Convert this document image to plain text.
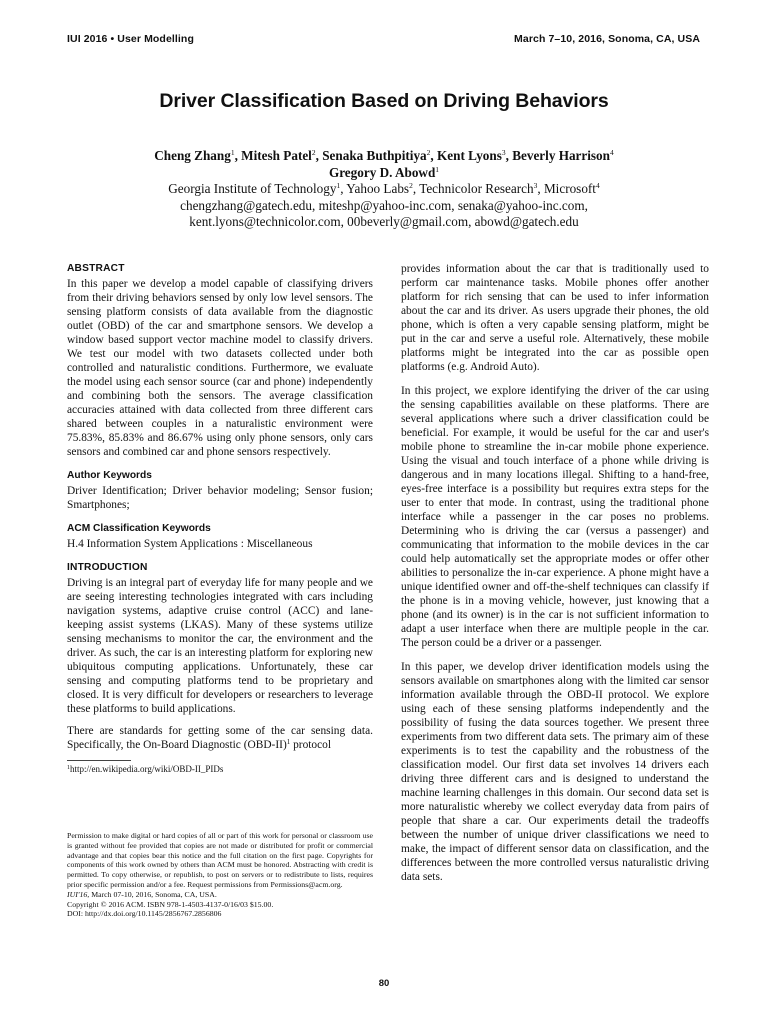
IUI 2016 • User Modelling	March 7–10, 2016, Sonoma, CA, USA
Driver Classification Based on Driving Behaviors
Cheng Zhang$^1$, Mitesh Patel$^2$, Senaka Buthpitiya$^2$, Kent Lyons$^3$, Beverly Harrison$^4$
Gregory D. Abowd$^1$
Georgia Institute of Technology$^1$, Yahoo Labs$^2$, Technicolor Research$^3$, Microsoft$^4$
chengzhang@gatech.edu, miteshp@yahoo-inc.com, senaka@yahoo-inc.com,
kent.lyons@technicolor.com, 00beverly@gmail.com, abowd@gatech.edu
ABSTRACT

In this paper we develop a model capable of classifying drivers from their driving behaviors sensed by only low level sensors. The sensing platform consists of data available from the diagnostic outlet (OBD) of the car and smartphone sensors. We develop a window based support vector machine model to classify drivers. We test our model with two datasets collected under both controlled and naturalistic conditions. Furthermore, we evaluate the model using each sensor source (car and phone) independently and combining both the sensors. The average classification accuracies attained with data collected from three different cars shared between couples in a naturalistic environment were 75.83%, 85.83% and 86.67% using only phone sensors, only cars sensors and combined car and phone sensors respectively.

Author Keywords

Driver Identification; Driver behavior modeling; Sensor fusion; Smartphones;

ACM Classification Keywords

H.4 Information System Applications : Miscellaneous

INTRODUCTION

Driving is an integral part of everyday life for many people and we are seeing interesting technologies integrated with cars including navigation systems, adaptive cruise control (ACC) and lane-keeping assist systems (LKAS). Many of these systems utilize sensing mechanisms to monitor the car, the environment and the driver. As such, the car is an interesting platform for exploring new ubiquitous computing applications. Unfortunately, these car sensing and computing platforms tend to be proprietary and closed. It is very difficult for developers or researchers to leverage these platforms to build applications.

There are standards for getting some of the car sensing data. Specifically, the On-Board Diagnostic $(OBD-II)^1$ protocol

$^1$http://en.wikipedia.org/wiki/OBD-II_PIDs

Permission to make digital or hard copies of all or part of this work for personal or classroom use is granted without fee provided that copies are not made or distributed for profit or commercial advantage and that copies bear this notice and the full citation on the first page. Copyrights for components of this work owned by others than ACM must be honored. Abstracting with credit is permitted. To copy otherwise, or republish, to post on servers or to redistribute to lists, requires prior specific permission and/or a fee. Request permissions from Permissions@acm.org.

IUI'16, March 07-10, 2016, Sonoma, CA, USA.

Copyright © 2016 ACM. ISBN 978-1-4503-4137-0/16/03 $15.00.

DOI: http://dx.doi.org/10.1145/2856767.2856806

provides information about the car that is traditionally used to perform car maintenance tasks. Mobile phones offer another platform for rich sensing that can be used to infer information about the car and its driver. As users upgrade their phones, the old phone, which is often a very capable sensing platform, might be put in the car and serve a useful role. Alternatively, these mobile platforms might be integrated into the car as possible open platforms (e.g. Android Auto).

In this project, we explore identifying the driver of the car using the sensing capabilities available on these platforms. There are several applications where such a driver classification could be beneficial. For example, it would be useful for the car and user's mobile phone to streamline the in-car mobile phone experience. Using the visual and touch interface of a phone while driving is dangerous and in many locations illegal. Shifting to a hand-free, eyes-free interface is a possibility but requires extra steps for the user to enter that mode. In contrast, using the traditional phone interface while a passenger in the car poses no problems. Determining who is driving the car (versus a passenger) and communicating that information to the mobile devices in the car could help automatically set the appropriate modes or offer other abilities to personalize the in-car experience. A phone might have a unique identified owner and off-the-shelf techniques can classify if the phone is in a moving vehicle, however, just knowing that a phone (and its owner) is in the car is not sufficient information to adapt a user interface when there are multiple people in the car. The person could be a driver or a passenger.

In this paper, we develop driver identification models using the sensors available on smartphones along with the limited car sensor information available through the OBD-II protocol. We explore using each of these sensing platforms independently and the possibility of fusing the data sources together. We present three experiments from two different data sets. The primary aim of these experiments is to test the capability and the robustness of the classification model. Our first data set involves 14 drivers each driving three different cars and is designed to understand the machine learning challenges in this domain. Our second data set is more naturalistic whereby we collect everyday data from pairs of people that share a car. Our experiments detail the tradeoffs between the number of unique driver classifications we need to make, the impact of different sensor data on classification, and the differences between the more controlled versus naturalistic driving data sets.

80
